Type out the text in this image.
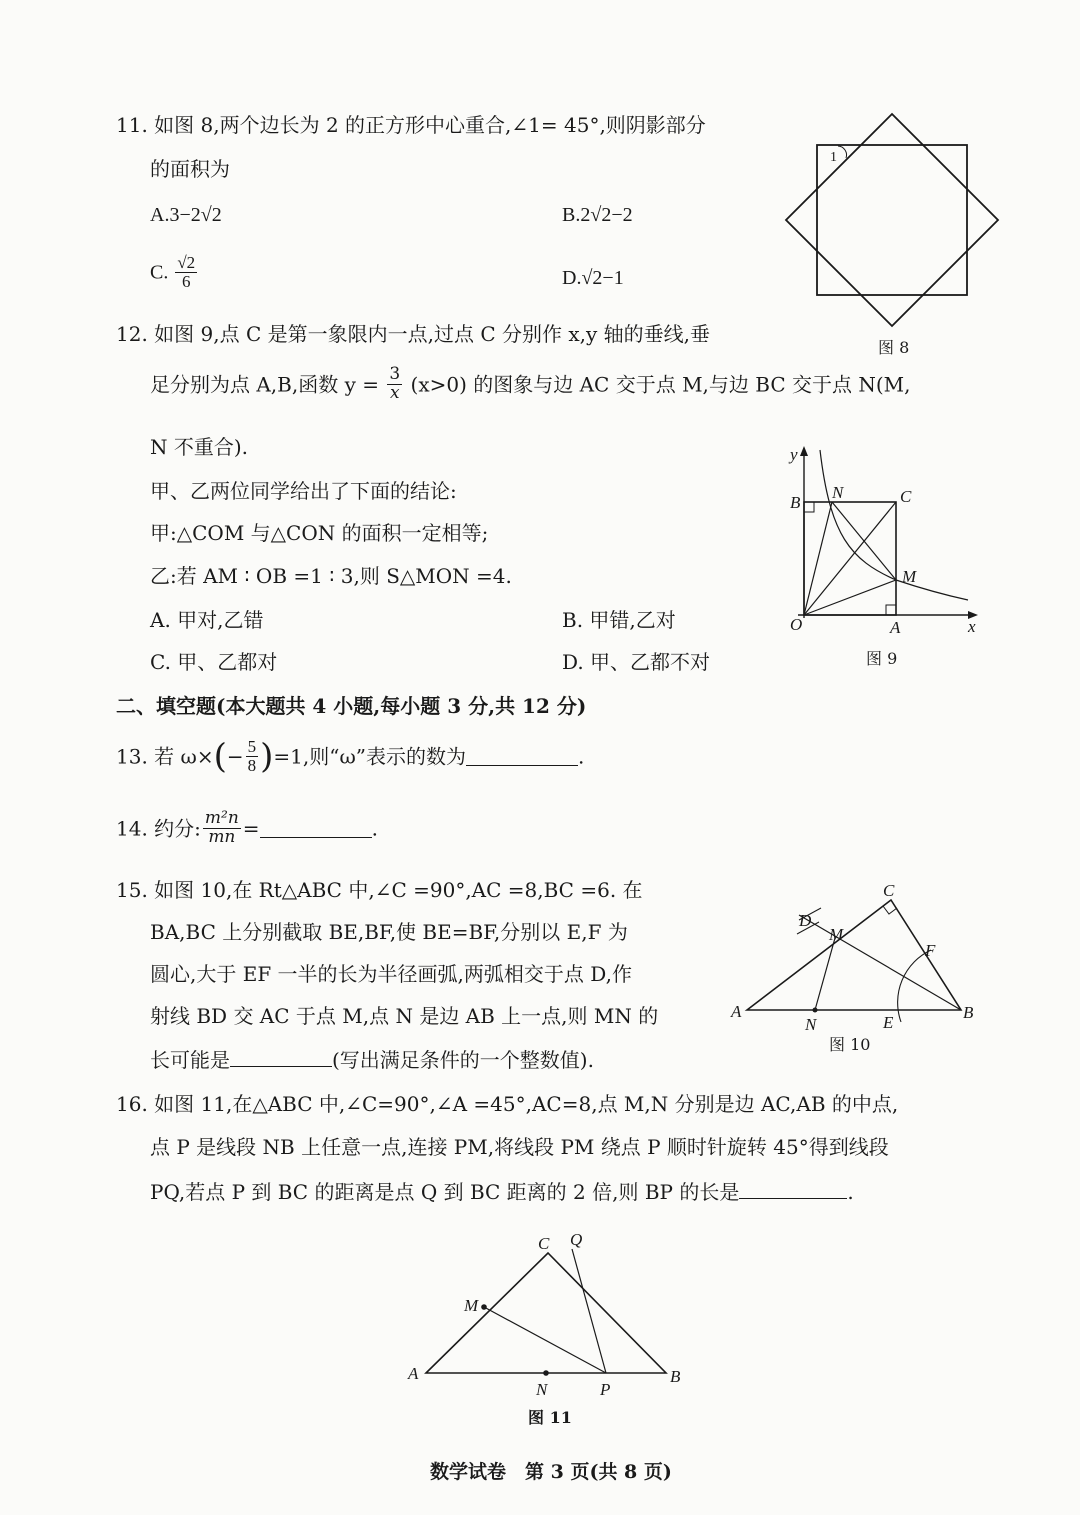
11. 如图 8,两个边长为 2 的正方形中心重合,∠1= 45°,则阴影部分
的面积为
A.3−2√2	B.2√2−2
C. $\frac{√2}{6}$	D.√2−1
1
图 8
12. 如图 9,点 C 是第一象限内一点,过点 C 分别作 x,y 轴的垂线,垂
足分别为点 A,B,函数 $y = \frac{3}{x} (x>0)$ 的图象与边 AC 交于点 M,与边 BC 交于点 N(M,
N 不重合).
甲、乙两位同学给出了下面的结论:
甲:△COM 与△CON 的面积一定相等;
乙:若 AM ∶ OB =1 ∶ 3,则 S△MON =4.
A. 甲对,乙错	B. 甲错,乙对
C. 甲、乙都对	D. 甲、乙都不对
y
x
O	A
B	C
M
N
图 9
二、填空题(本大题共 4 小题,每小题 3 分,共 12 分)
13. 若 $\omega\times(- \frac{5}{8} )=1$,则“ω”表示的数为	.
14. 约分: $\frac{\text{m²n}}{mn}$ =	.
15. 如图 10,在 Rt△ABC 中,∠C =90°,AC =8,BC =6. 在
BA,BC 上分别截取 BE,BF,使 BE=BF,分别以 E,F 为
圆心,大于 EF 一半的长为半径画弧,两弧相交于点 D,作
射线 BD 交 AC 于点 M,点 N 是边 AB 上一点,则 MN 的
长可能是	(写出满足条件的一个整数值).
A	B
C
D
M
N	E
F
图 10
16. 如图 11,在△ABC 中,∠C=90°,∠A =45°,AC=8,点 M,N 分别是边 AC,AB 的中点,
点 P 是线段 NB 上任意一点,连接 PM,将线段 PM 绕点 P 顺时针旋转 45°得到线段
PQ,若点 P 到 BC 的距离是点 Q 到 BC 距离的 2 倍,则 BP 的长是	.
A	B
C
M
N	P
Q
图 11
数学试卷　第 3 页(共 8 页)
